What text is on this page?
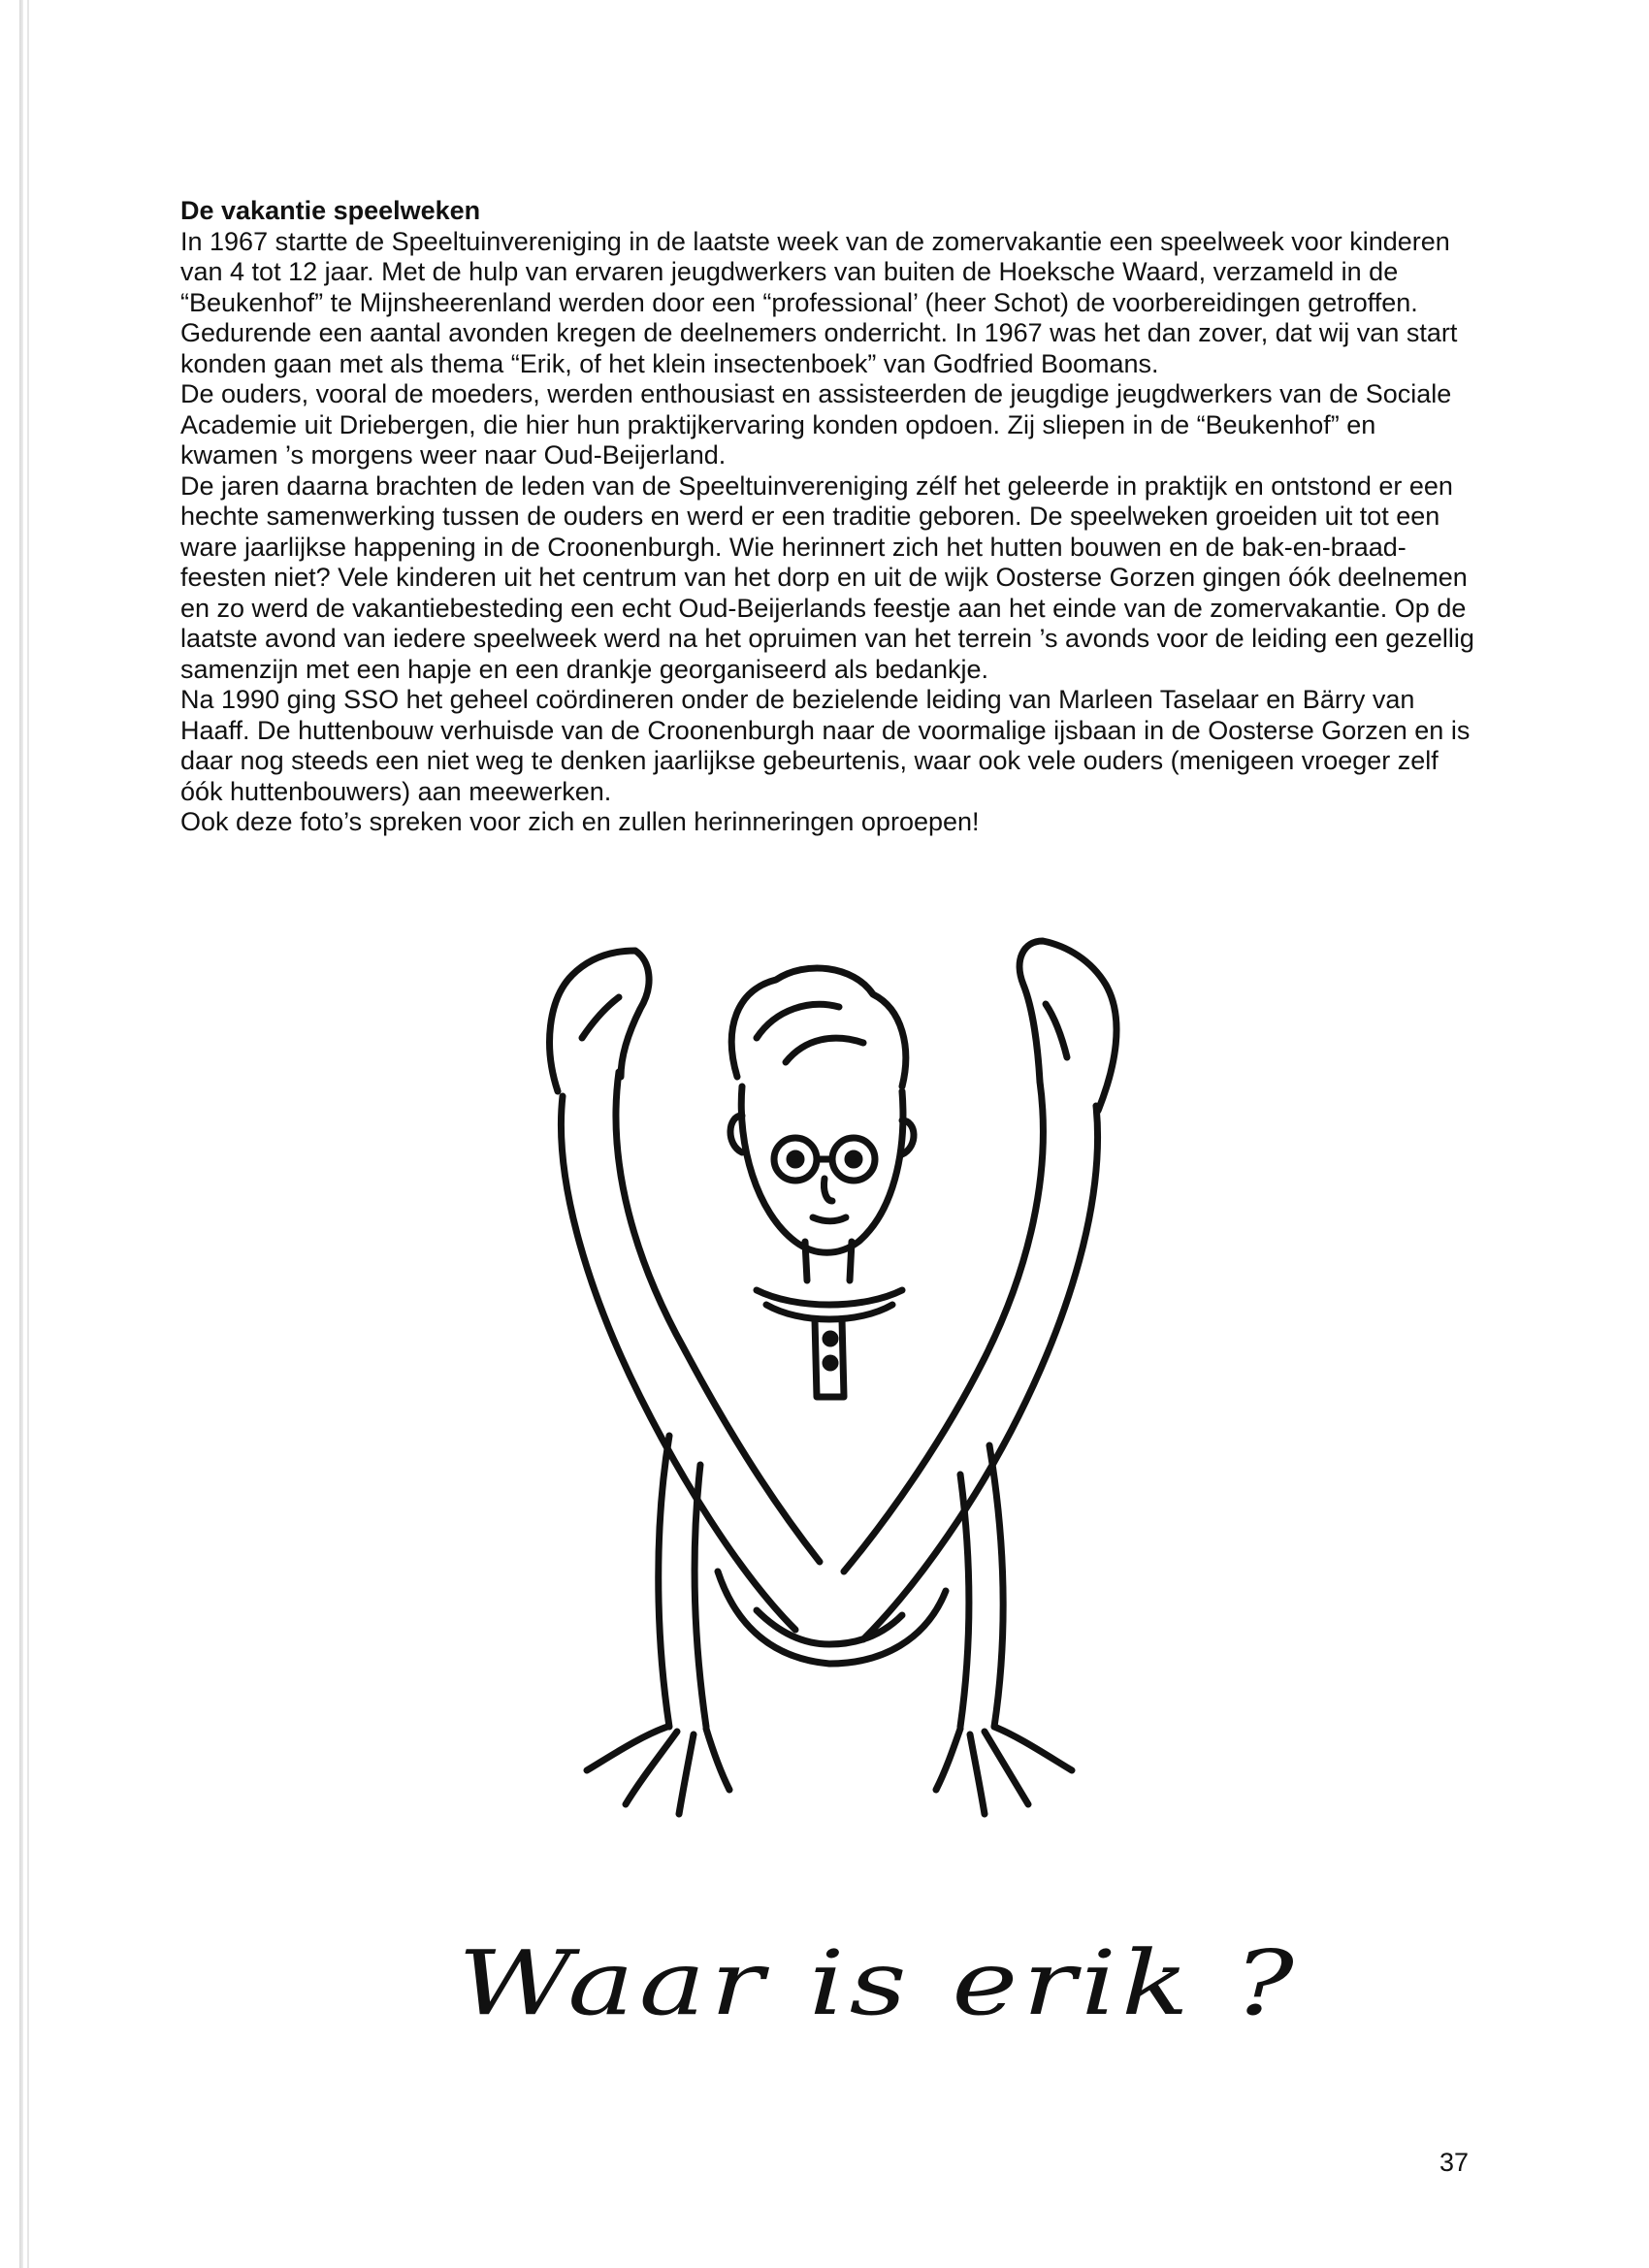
De vakantie speelweken

In 1967 startte de Speeltuinvereniging in de laatste week van de zomervakantie een speelweek voor kinderen van 4 tot 12 jaar. Met de hulp van ervaren jeugdwerkers van buiten de Hoeksche Waard, verzameld in de “Beukenhof” te Mijnsheerenland werden door een “professional’ (heer Schot) de voorbereidingen getroffen. Gedurende een aantal avonden kregen de deelnemers onderricht. In 1967 was het dan zover, dat wij van start konden gaan met als thema “Erik, of het klein insectenboek” van Godfried Boomans.

De ouders, vooral de moeders, werden enthousiast en assisteerden de jeugdige jeugdwerkers van de Sociale Academie uit Driebergen, die hier hun praktijkervaring konden opdoen. Zij sliepen in de “Beukenhof” en kwamen ’s morgens weer naar Oud-Beijerland.

De jaren daarna brachten de leden van de Speeltuinvereniging zélf het geleerde in praktijk en ontstond er een hechte samenwerking tussen de ouders en werd er een traditie geboren. De speelweken groeiden uit tot een ware jaarlijkse happening in de Croonenburgh. Wie herinnert zich het hutten bouwen en de bak-en-braad-feesten niet? Vele kinderen uit het centrum van het dorp en uit de wijk Oosterse Gorzen gingen óók deelnemen en zo werd de vakantiebesteding een echt Oud-Beijerlands feestje aan het einde van de zomervakantie. Op de laatste avond van iedere speelweek werd na het opruimen van het terrein ’s avonds voor de leiding een gezellig samenzijn met een hapje en een drankje georganiseerd als bedankje.

Na 1990 ging SSO het geheel coördineren onder de bezielende leiding van Marleen Taselaar en Bärry van Haaff. De huttenbouw verhuisde van de Croonenburgh naar de voormalige ijsbaan in de Oosterse Gorzen en is daar nog steeds een niet weg te denken jaarlijkse gebeurtenis, waar ook vele ouders (menigeen vroeger zelf óók huttenbouwers) aan meewerken.

Ook deze foto’s spreken voor zich en zullen herinneringen oproepen!

Waar is erik ?
37
